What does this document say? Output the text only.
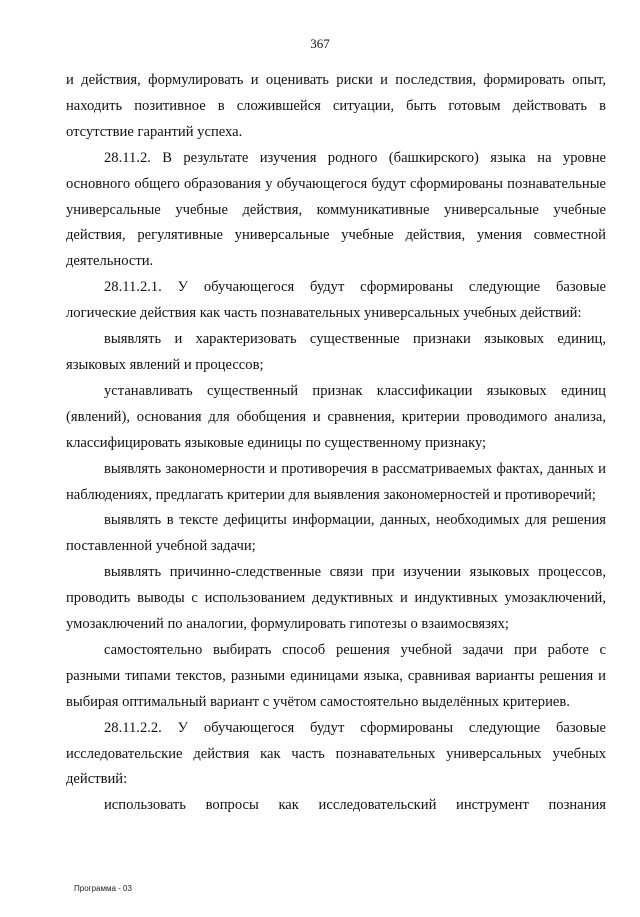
367

и действия, формулировать и оценивать риски и последствия, формировать опыт, находить позитивное в сложившейся ситуации, быть готовым действовать в отсутствие гарантий успеха.

28.11.2. В результате изучения родного (башкирского) языка на уровне основного общего образования у обучающегося будут сформированы познавательные универсальные учебные действия, коммуникативные универсальные учебные действия, регулятивные универсальные учебные действия, умения совместной деятельности.

28.11.2.1. У обучающегося будут сформированы следующие базовые логические действия как часть познавательных универсальных учебных действий:

выявлять и характеризовать существенные признаки языковых единиц, языковых явлений и процессов;

устанавливать существенный признак классификации языковых единиц (явлений), основания для обобщения и сравнения, критерии проводимого анализа, классифицировать языковые единицы по существенному признаку;

выявлять закономерности и противоречия в рассматриваемых фактах, данных и наблюдениях, предлагать критерии для выявления закономерностей и противоречий;

выявлять в тексте дефициты информации, данных, необходимых для решения поставленной учебной задачи;

выявлять причинно-следственные связи при изучении языковых процессов, проводить выводы с использованием дедуктивных и индуктивных умозаключений, умозаключений по аналогии, формулировать гипотезы о взаимосвязях;

самостоятельно выбирать способ решения учебной задачи при работе с разными типами текстов, разными единицами языка, сравнивая варианты решения и выбирая оптимальный вариант с учётом самостоятельно выделённых критериев.

28.11.2.2. У обучающегося будут сформированы следующие базовые исследовательские действия как часть познавательных универсальных учебных действий:

использовать вопросы как исследовательский инструмент познания

Программа - 03
